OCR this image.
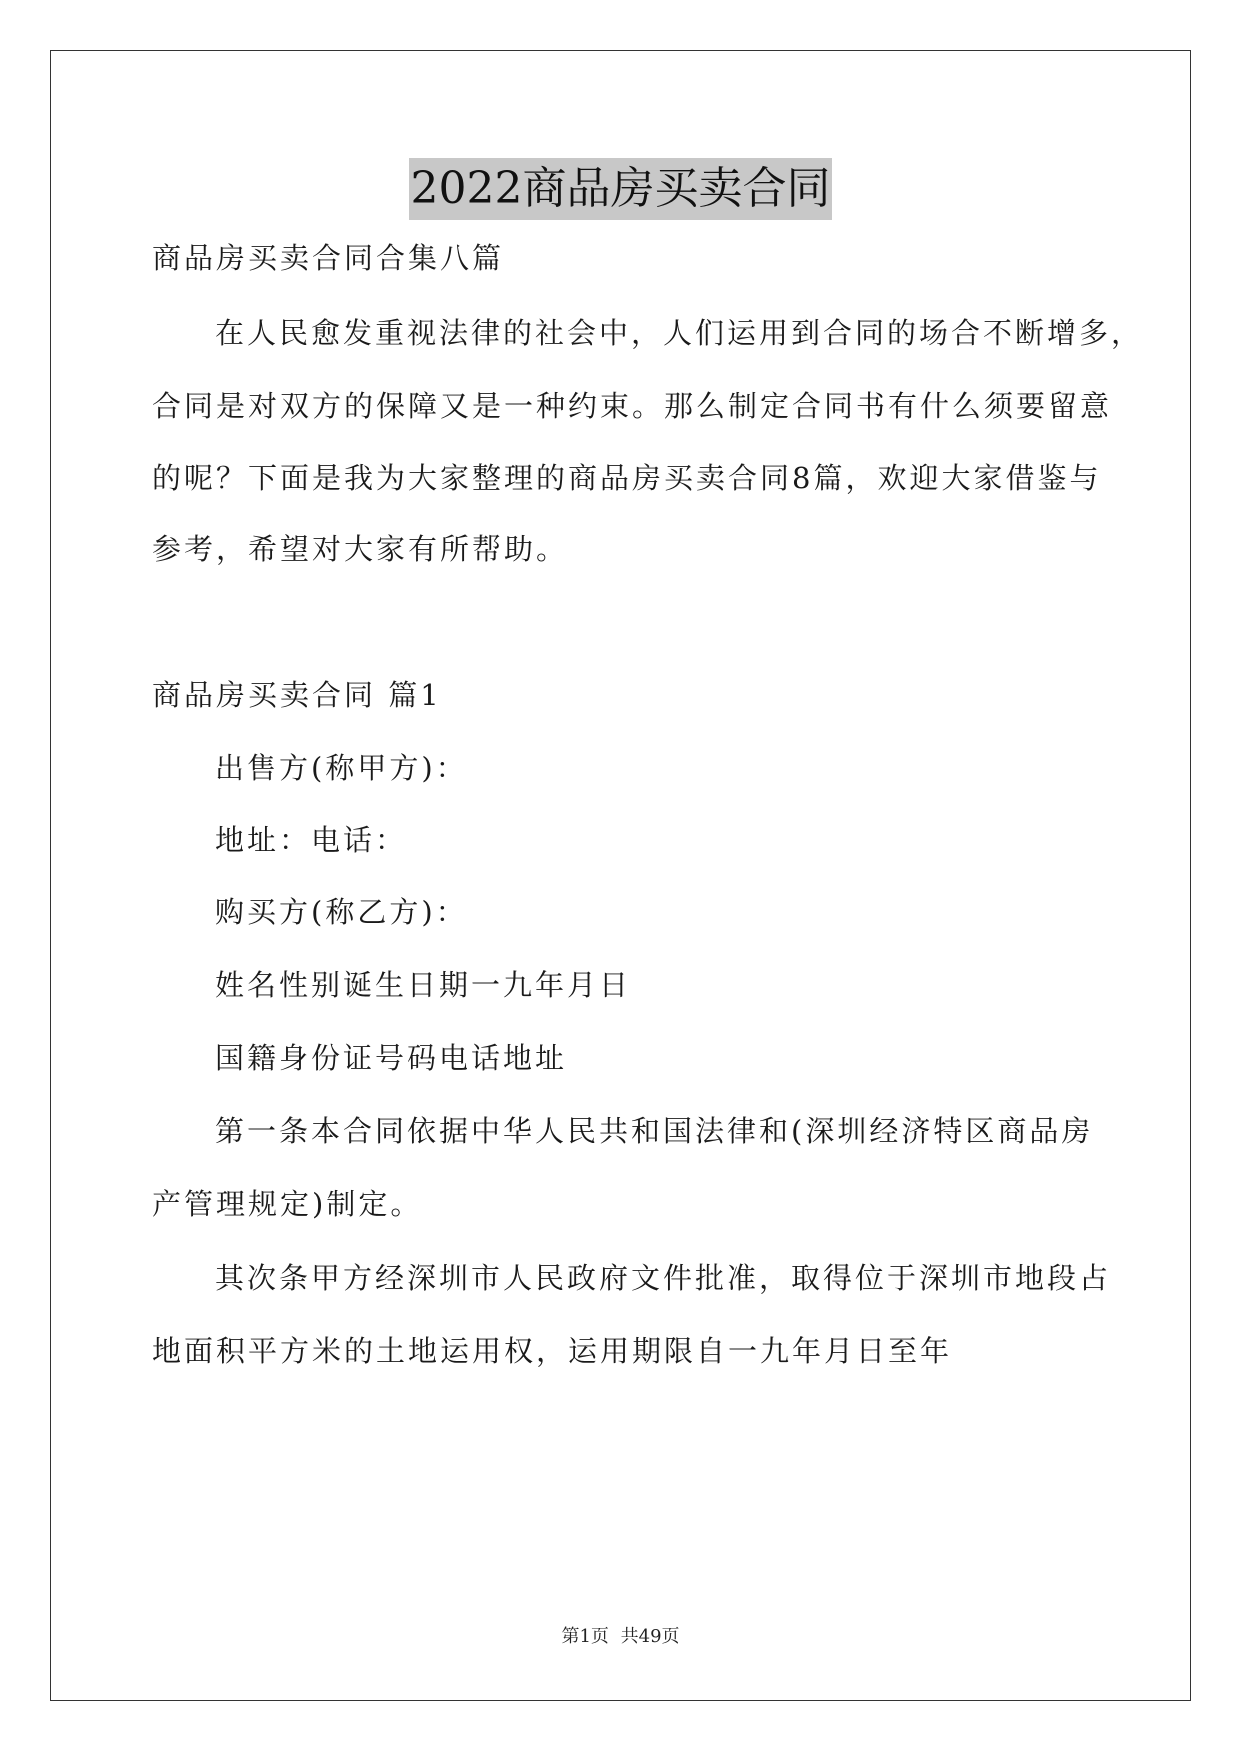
2022商品房买卖合同
商品房买卖合同合集八篇
在人民愈发重视法律的社会中，人们运用到合同的场合不断增多，
合同是对双方的保障又是一种约束。那么制定合同书有什么须要留意
的呢？下面是我为大家整理的商品房买卖合同8篇，欢迎大家借鉴与
参考，希望对大家有所帮助。
商品房买卖合同 篇1
出售方(称甲方)：
地址：电话：
购买方(称乙方)：
姓名性别诞生日期一九年月日
国籍身份证号码电话地址
第一条本合同依据中华人民共和国法律和(深圳经济特区商品房
产管理规定)制定。
其次条甲方经深圳市人民政府文件批准，取得位于深圳市地段占
地面积平方米的土地运用权，运用期限自一九年月日至年
第1页 共49页
